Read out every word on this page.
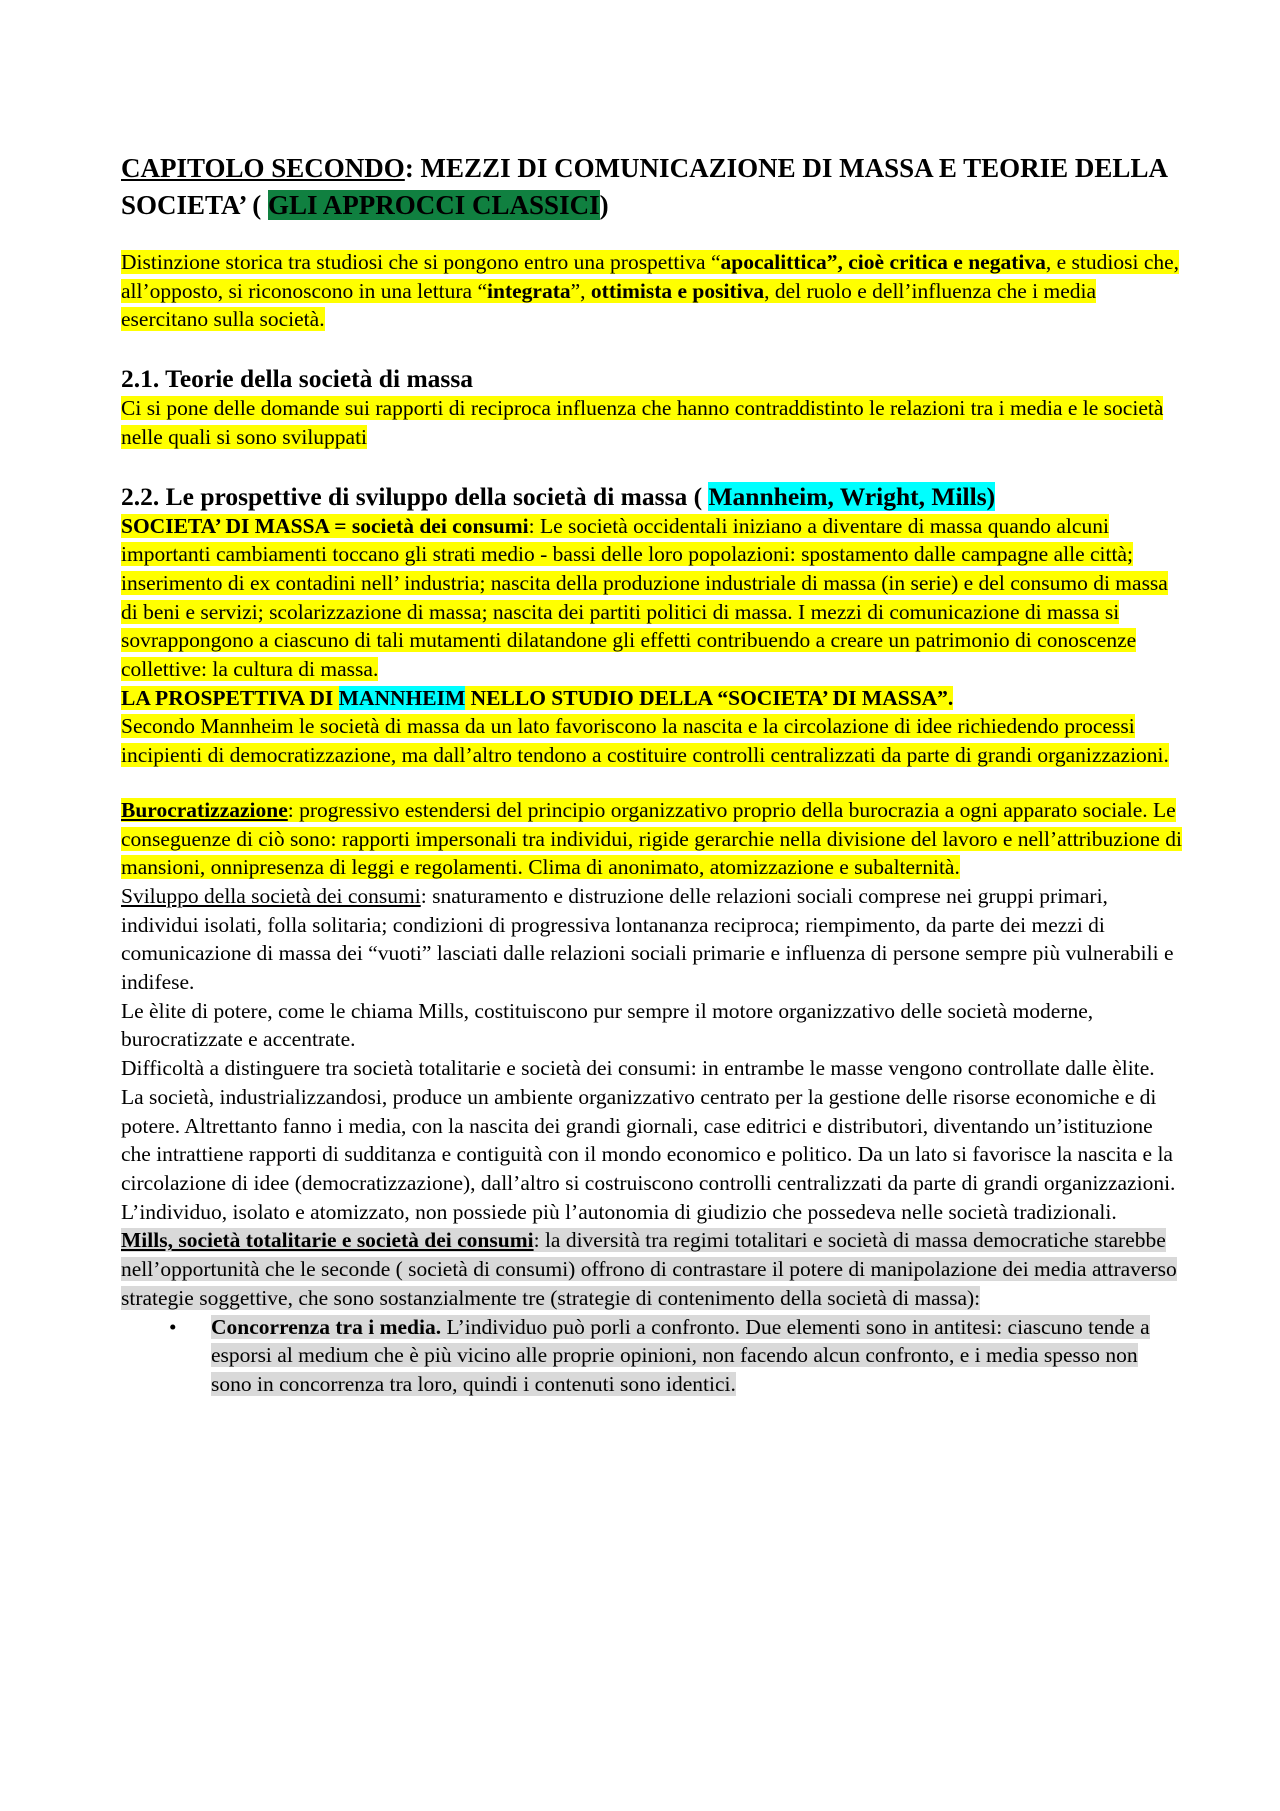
CAPITOLO SECONDO: MEZZI DI COMUNICAZIONE DI MASSA E TEORIE DELLA SOCIETA’ ( GLI APPROCCI CLASSICI)

Distinzione storica tra studiosi che si pongono entro una prospettiva “apocalittica”, cioè critica e negativa, e studiosi che, all’opposto, si riconoscono in una lettura “integrata”, ottimista e positiva, del ruolo e dell’influenza che i media esercitano sulla società.

2.1. Teorie della società di massa

Ci si pone delle domande sui rapporti di reciproca influenza che hanno contraddistinto le relazioni tra i media e le società nelle quali si sono sviluppati

2.2. Le prospettive di sviluppo della società di massa ( Mannheim, Wright, Mills)

SOCIETA’ DI MASSA = società dei consumi: Le società occidentali iniziano a diventare di massa quando alcuni importanti cambiamenti toccano gli strati medio - bassi delle loro popolazioni: spostamento dalle campagne alle città; inserimento di ex contadini nell’ industria; nascita della produzione industriale di massa (in serie) e del consumo di massa di beni e servizi; scolarizzazione di massa; nascita dei partiti politici di massa. I mezzi di comunicazione di massa si sovrappongono a ciascuno di tali mutamenti dilatandone gli effetti contribuendo a creare un patrimonio di conoscenze collettive: la cultura di massa.

LA PROSPETTIVA DI MANNHEIM NELLO STUDIO DELLA “SOCIETA’ DI MASSA”.

Secondo Mannheim le società di massa da un lato favoriscono la nascita e la circolazione di idee richiedendo processi incipienti di democratizzazione, ma dall’altro tendono a costituire controlli centralizzati da parte di grandi organizzazioni.

Burocratizzazione: progressivo estendersi del principio organizzativo proprio della burocrazia a ogni apparato sociale. Le conseguenze di ciò sono: rapporti impersonali tra individui, rigide gerarchie nella divisione del lavoro e nell’attribuzione di mansioni, onnipresenza di leggi e regolamenti. Clima di anonimato, atomizzazione e subalternità.

Sviluppo della società dei consumi: snaturamento e distruzione delle relazioni sociali comprese nei gruppi primari, individui isolati, folla solitaria; condizioni di progressiva lontananza reciproca; riempimento, da parte dei mezzi di comunicazione di massa dei “vuoti” lasciati dalle relazioni sociali primarie e influenza di persone sempre più vulnerabili e indifese.

Le èlite di potere, come le chiama Mills, costituiscono pur sempre il motore organizzativo delle società moderne, burocratizzate e accentrate.

Difficoltà a distinguere tra società totalitarie e società dei consumi: in entrambe le masse vengono controllate dalle èlite.

La società, industrializzandosi, produce un ambiente organizzativo centrato per la gestione delle risorse economiche e di potere. Altrettanto fanno i media, con la nascita dei grandi giornali, case editrici e distributori, diventando un’istituzione che intrattiene rapporti di sudditanza e contiguità con il mondo economico e politico. Da un lato si favorisce la nascita e la circolazione di idee (democratizzazione), dall’altro si costruiscono controlli centralizzati da parte di grandi organizzazioni.

L’individuo, isolato e atomizzato, non possiede più l’autonomia di giudizio che possedeva nelle società tradizionali.

Mills, società totalitarie e società dei consumi: la diversità tra regimi totalitari e società di massa democratiche starebbe nell’opportunità che le seconde ( società di consumi) offrono di contrastare il potere di manipolazione dei media attraverso strategie soggettive, che sono sostanzialmente tre (strategie di contenimento della società di massa):

• Concorrenza tra i media. L’individuo può porli a confronto. Due elementi sono in antitesi: ciascuno tende a esporsi al medium che è più vicino alle proprie opinioni, non facendo alcun confronto, e i media spesso non sono in concorrenza tra loro, quindi i contenuti sono identici.
